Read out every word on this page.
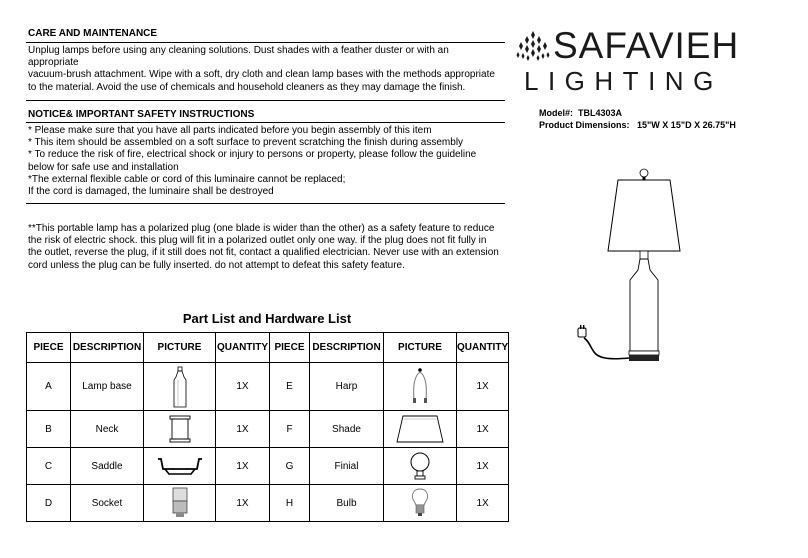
CARE AND MAINTENANCE
Unplug lamps before using any cleaning solutions. Dust shades with a feather duster or with an
appropriate
vacuum-brush attachment. Wipe with a soft, dry cloth and clean lamp bases with the methods appropriate
to the material. Avoid the use of chemicals and household cleaners as they may damage the finish.
NOTICE& IMPORTANT SAFETY INSTRUCTIONS
* Please make sure that you have all parts indicated before you begin assembly of this item
* This item should be assembled on a soft surface to prevent scratching the finish during assembly
* To reduce the risk of fire, electrical shock or injury to persons or property, please follow the guideline
below for safe use and installation
*The external flexible cable or cord of this luminaire cannot be replaced;
If the cord is damaged, the luminaire shall be destroyed
**This portable lamp has a polarized plug (one blade is wider than the other) as a safety feature to reduce
the risk of electric shock. this plug will fit in a polarized outlet only one way. if the plug does not fit fully in
the outlet, reverse the plug, if it still does not fit, contact a qualified electrician. Never use with an extension
cord unless the plug can be fully inserted. do not attempt to defeat this safety feature.
Part List and Hardware List
PIECE	DESCRIPTION	PICTURE	QUANTITY	PIECE	DESCRIPTION	PICTURE	QUANTITY
A	Lamp base		1X	E	Harp		1X
B	Neck		1X	F	Shade		1X
C	Saddle		1X	G	Finial		1X
D	Socket		1X	H	Bulb		1X
SAFAVIEH
LIGHTING
Model#: TBL4303A
Product Dimensions: 15"W X 15"D X 26.75"H
